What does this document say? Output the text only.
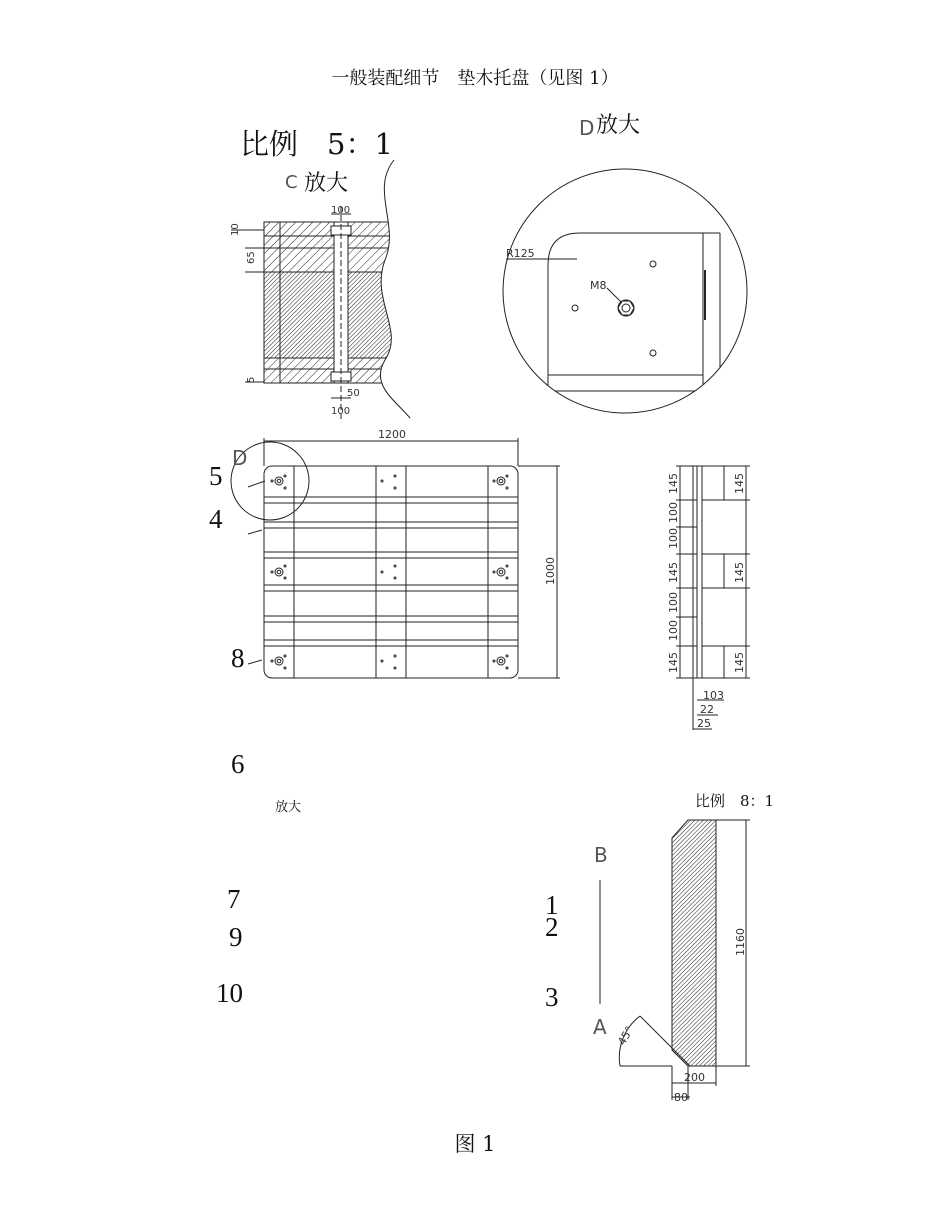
一般装配细节　垫木托盘（见图 1）
比例　5：1
C 放大
D 放大
5
4
8
6
7
9
10
1
2
3
放大	比例　8：1
图 1
100
10
65
5
50
100
R125
M8
1200
1000
D
145
100
100
145
100
100
145
145
145
145
103
22
25
B
A
1160
200
80
45°
